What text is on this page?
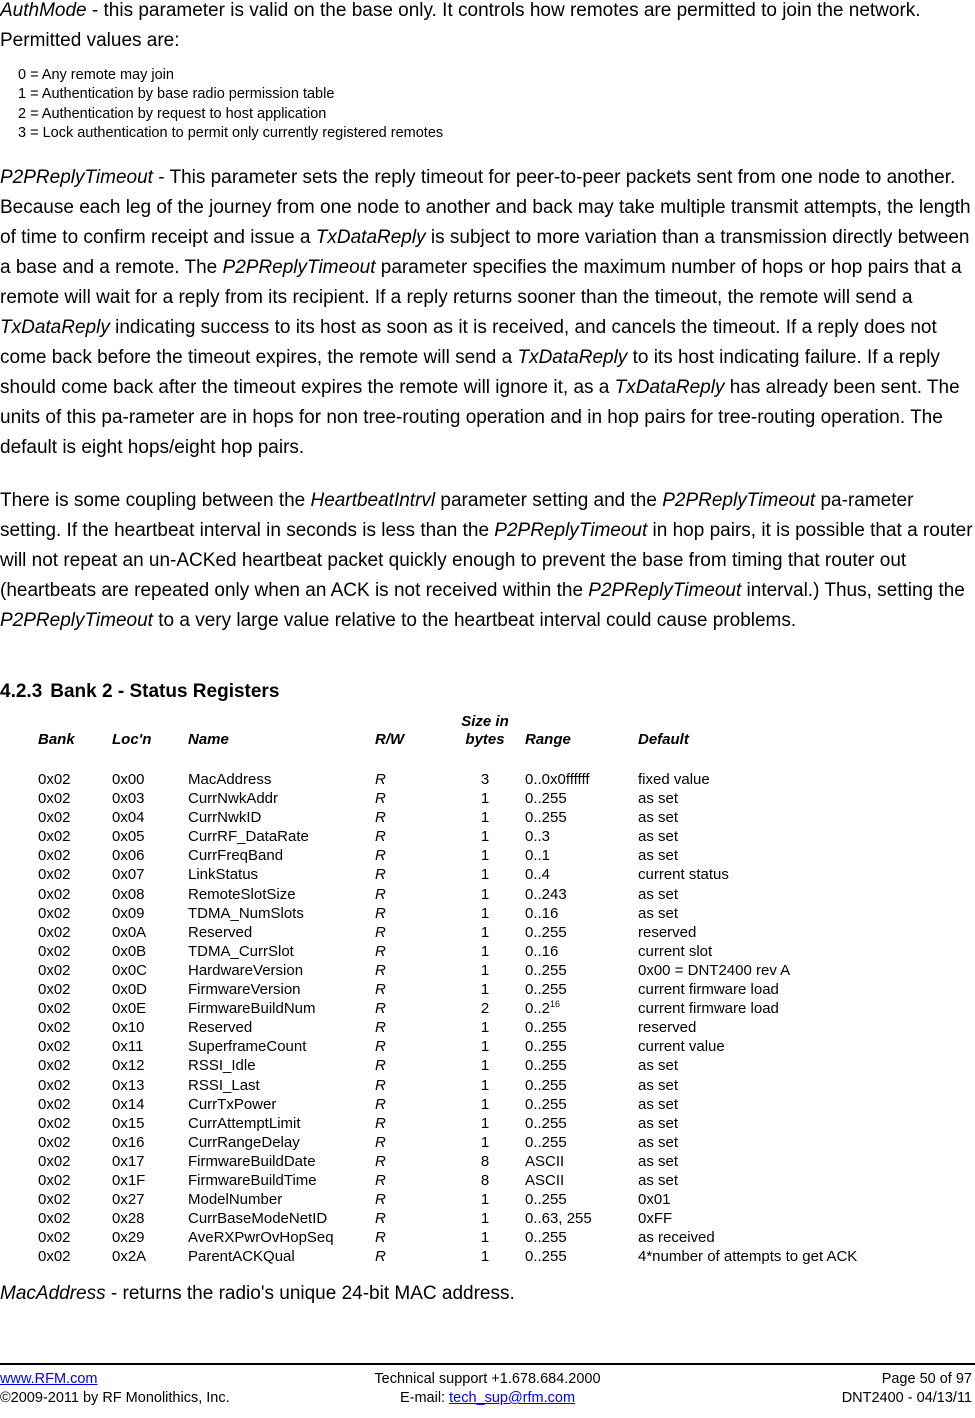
AuthMode - this parameter is valid on the base only. It controls how remotes are permitted to join the network. Permitted values are:

0 = Any remote may join
1 = Authentication by base radio permission table
2 = Authentication by request to host application
3 = Lock authentication to permit only currently registered remotes

P2PReplyTimeout - This parameter sets the reply timeout for peer-to-peer packets sent from one node to another. Because each leg of the journey from one node to another and back may take multiple transmit attempts, the length of time to confirm receipt and issue a TxDataReply is subject to more variation than a transmission directly between a base and a remote. The P2PReplyTimeout parameter specifies the maximum number of hops or hop pairs that a remote will wait for a reply from its recipient. If a reply returns sooner than the timeout, the remote will send a TxDataReply indicating success to its host as soon as it is received, and cancels the timeout. If a reply does not come back before the timeout expires, the remote will send a TxDataReply to its host indicating failure. If a reply should come back after the timeout expires the remote will ignore it, as a TxDataReply has already been sent. The units of this pa-rameter are in hops for non tree-routing operation and in hop pairs for tree-routing operation. The default is eight hops/eight hop pairs.

There is some coupling between the HeartbeatIntrvl parameter setting and the P2PReplyTimeout pa-rameter setting. If the heartbeat interval in seconds is less than the P2PReplyTimeout in hop pairs, it is possible that a router will not repeat an un-ACKed heartbeat packet quickly enough to prevent the base from timing that router out (heartbeats are repeated only when an ACK is not received within the P2PReplyTimeout interval.) Thus, setting the P2PReplyTimeout to a very large value relative to the heartbeat interval could cause problems.

4.2.3 Bank 2 - Status Registers
	Bank	Loc'n	Name	R/W	Size in
bytes	Range	Default

	0x02	0x00	MacAddress	R	3	0..0x0ffffff	fixed value
	0x02	0x03	CurrNwkAddr	R	1	0..255	as set
	0x02	0x04	CurrNwkID	R	1	0..255	as set
	0x02	0x05	CurrRF_DataRate	R	1	0..3	as set
	0x02	0x06	CurrFreqBand	R	1	0..1	as set
	0x02	0x07	LinkStatus	R	1	0..4	current status
	0x02	0x08	RemoteSlotSize	R	1	0..243	as set
	0x02	0x09	TDMA_NumSlots	R	1	0..16	as set
	0x02	0x0A	Reserved	R	1	0..255	reserved
	0x02	0x0B	TDMA_CurrSlot	R	1	0..16	current slot
	0x02	0x0C	HardwareVersion	R	1	0..255	0x00 = DNT2400 rev A
	0x02	0x0D	FirmwareVersion	R	1	0..255	current firmware load
	0x02	0x0E	FirmwareBuildNum	R	2	0..2$^{16}$	current firmware load
	0x02	0x10	Reserved	R	1	0..255	reserved
	0x02	0x11	SuperframeCount	R	1	0..255	current value
	0x02	0x12	RSSI_Idle	R	1	0..255	as set
	0x02	0x13	RSSI_Last	R	1	0..255	as set
	0x02	0x14	CurrTxPower	R	1	0..255	as set
	0x02	0x15	CurrAttemptLimit	R	1	0..255	as set
	0x02	0x16	CurrRangeDelay	R	1	0..255	as set
	0x02	0x17	FirmwareBuildDate	R	8	ASCII	as set
	0x02	0x1F	FirmwareBuildTime	R	8	ASCII	as set
	0x02	0x27	ModelNumber	R	1	0..255	0x01
	0x02	0x28	CurrBaseModeNetID	R	1	0..63, 255	0xFF
	0x02	0x29	AveRXPwrOvHopSeq	R	1	0..255	as received
	0x02	0x2A	ParentACKQual	R	1	0..255	4*number of attempts to get ACK

MacAddress - returns the radio's unique 24-bit MAC address.

www.RFM.com	Technical support +1.678.684.2000	Page 50 of 97
©2009-2011 by RF Monolithics, Inc.	E-mail: tech_sup@rfm.com	DNT2400 - 04/13/11
